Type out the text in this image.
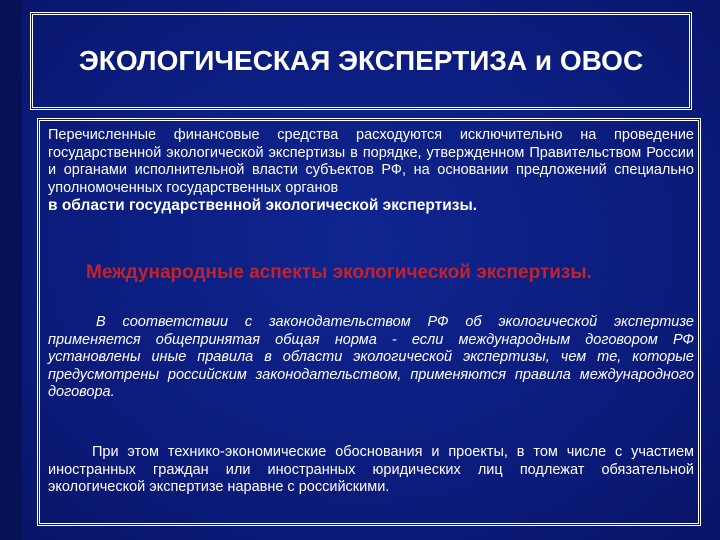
ЭКОЛОГИЧЕСКАЯ ЭКСПЕРТИЗА и ОВОС
Перечисленные финансовые средства расходуются исключительно на проведение государственной экологической экспертизы в порядке, утвержденном Правительством России и органами исполнительной власти субъектов РФ, на основании предложений специально уполномоченных государственных органов
в области государственной экологической экспертизы.
Международные аспекты экологической экспертизы.
В соответствии с законодательством РФ об экологической экспертизе применяется общепринятая общая норма - если международным договором РФ установлены иные правила в области экологической экспертизы, чем те, которые предусмотрены российским законодательством, применяются правила международного договора.
При этом технико-экономические обоснования и проекты, в том числе с участием иностранных граждан или иностранных юридических лиц подлежат обязательной экологической экспертизе наравне с российскими.
